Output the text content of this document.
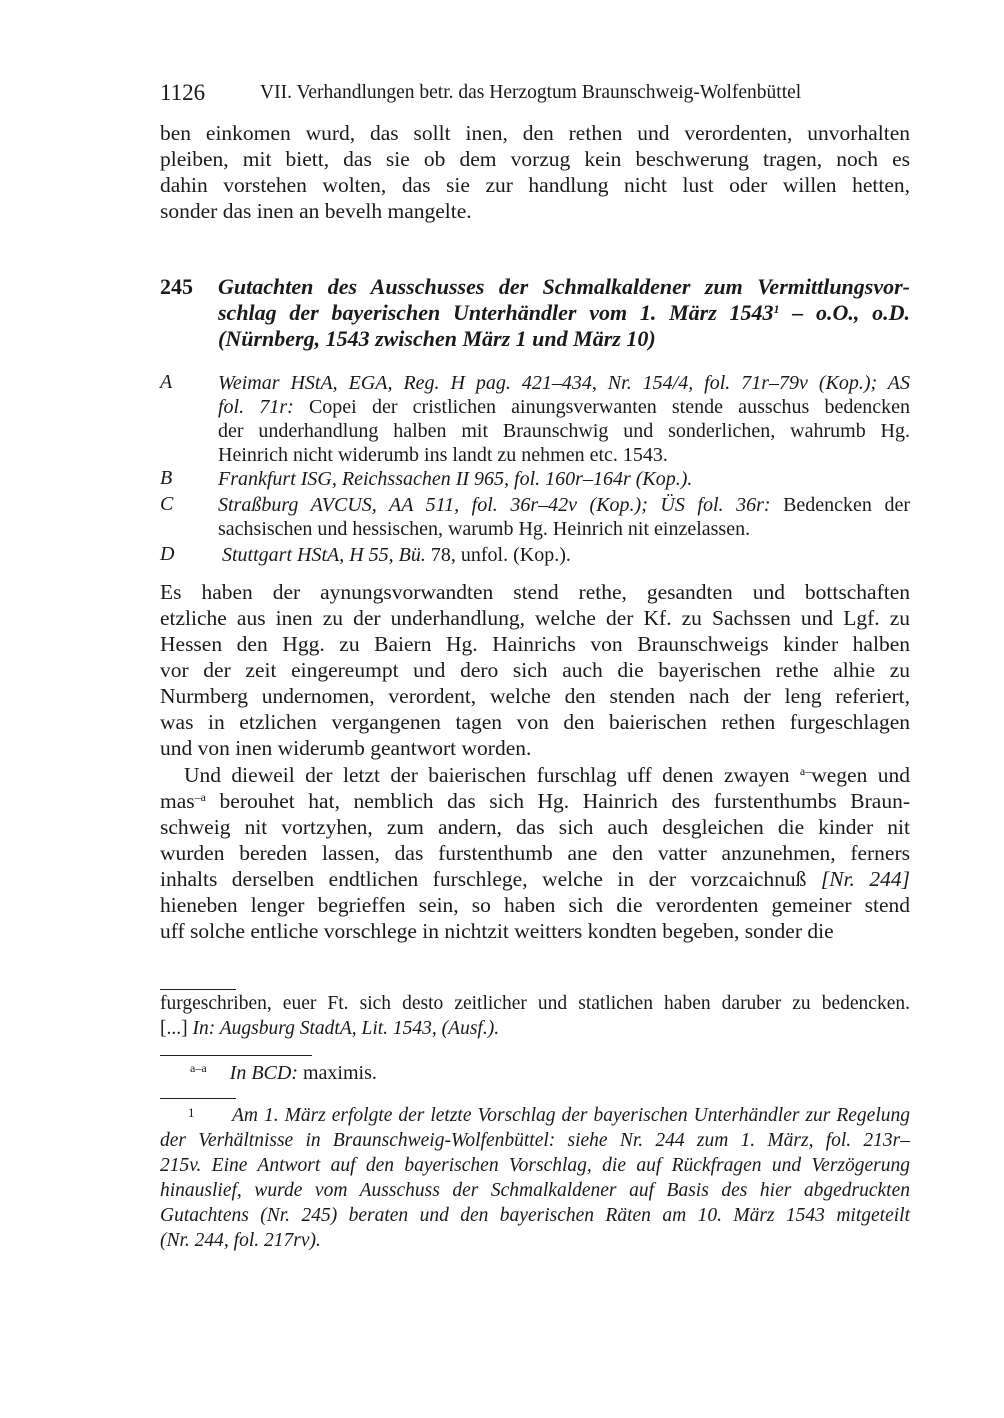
1126	VII. Verhandlungen betr. das Herzogtum Braunschweig-Wolfenbüttel
ben einkomen wurd, das sollt inen, den rethen und verordenten, unvorhalten
pleiben, mit biett, das sie ob dem vorzug kein beschwerung tragen, noch es
dahin vorstehen wolten, das sie zur handlung nicht lust oder willen hetten,
sonder das inen an bevelh mangelte.
245 Gutachten des Ausschusses der Schmalkaldener zum Vermittlungsvor-
schlag der bayerischen Unterhändler vom 1. März 1543$^1$ – o.O., o.D.
(Nürnberg, 1543 zwischen März 1 und März 10)
A Weimar HStA, EGA, Reg. H pag. 421–434, Nr. 154/4, fol. 71r–79v (Kop.); AS
fol. 71r: Copei der cristlichen ainungsverwanten stende ausschus bedencken
der underhandlung halben mit Braunschwig und sonderlichen, wahrumb Hg.
Heinrich nicht widerumb ins landt zu nehmen etc. 1543.
B Frankfurt ISG, Reichssachen II 965, fol. 160r–164r (Kop.).
C Straßburg AVCUS, AA 511, fol. 36r–42v (Kop.); ÜS fol. 36r: Bedencken der
sachsischen und hessischen, warumb Hg. Heinrich nit einzelassen.
D Stuttgart HStA, H 55, Bü. 78, unfol. (Kop.).
Es haben der aynungsvorwandten stend rethe, gesandten und bottschaften
etzliche aus inen zu der underhandlung, welche der Kf. zu Sachssen und Lgf. zu
Hessen den Hgg. zu Baiern Hg. Hainrichs von Braunschweigs kinder halben
vor der zeit eingereumpt und dero sich auch die bayerischen rethe alhie zu
Nurmberg undernomen, verordent, welche den stenden nach der leng referiert,
was in etzlichen vergangenen tagen von den baierischen rethen furgeschlagen
und von inen widerumb geantwort worden.
Und dieweil der letzt der baierischen furschlag uff denen zwayen $^{a-}$wegen und
mas$^{-a}$ berouhet hat, nemblich das sich Hg. Hainrich des furstenthumbs Braun-
schweig nit vortzyhen, zum andern, das sich auch desgleichen die kinder nit
wurden bereden lassen, das furstenthumb ane den vatter anzunehmen, ferners
inhalts derselben endtlichen furschlege, welche in der vorzcaichnuß [Nr. 244]
hieneben lenger begrieffen sein, so haben sich die verordenten gemeiner stend
uff solche entliche vorschlege in nichtzit weitters kondten begeben, sonder die
furgeschriben, euer Ft. sich desto zeitlicher und statlichen haben daruber zu bedencken.
[...] In: Augsburg StadtA, Lit. 1543, (Ausf.).
$^{a-a}$ In BCD: maximis.
1	Am 1. März erfolgte der letzte Vorschlag der bayerischen Unterhändler zur Regelung
der Verhältnisse in Braunschweig-Wolfenbüttel: siehe Nr. 244 zum 1. März, fol. 213r–
215v. Eine Antwort auf den bayerischen Vorschlag, die auf Rückfragen und Verzögerung
hinauslief, wurde vom Ausschuss der Schmalkaldener auf Basis des hier abgedruckten
Gutachtens (Nr. 245) beraten und den bayerischen Räten am 10. März 1543 mitgeteilt
(Nr. 244, fol. 217rv).
